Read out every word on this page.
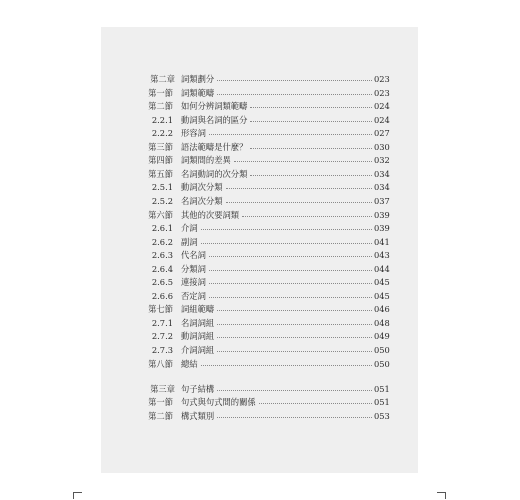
第二章 詞類劃分	023
第一節 詞類範疇	023
第二節 如何分辨詞類範疇	024
2.2.1 動詞與名詞的區分	024
2.2.2 形容詞	027
第三節 語法範疇是什麼？	030
第四節 詞類間的差異	032
第五節 名詞動詞的次分類	034
2.5.1 動詞次分類	034
2.5.2 名詞次分類	037
第六節 其他的次要詞類	039
2.6.1 介詞	039
2.6.2 副詞	041
2.6.3 代名詞	043
2.6.4 分類詞	044
2.6.5 連接詞	045
2.6.6 否定詞	045
第七節 詞組範疇	046
2.7.1 名詞詞組	048
2.7.2 動詞詞組	049
2.7.3 介詞詞組	050
第八節 總結	050
第三章 句子結構	051
第一節 句式與句式間的關係	051
第二節 構式類別	053
